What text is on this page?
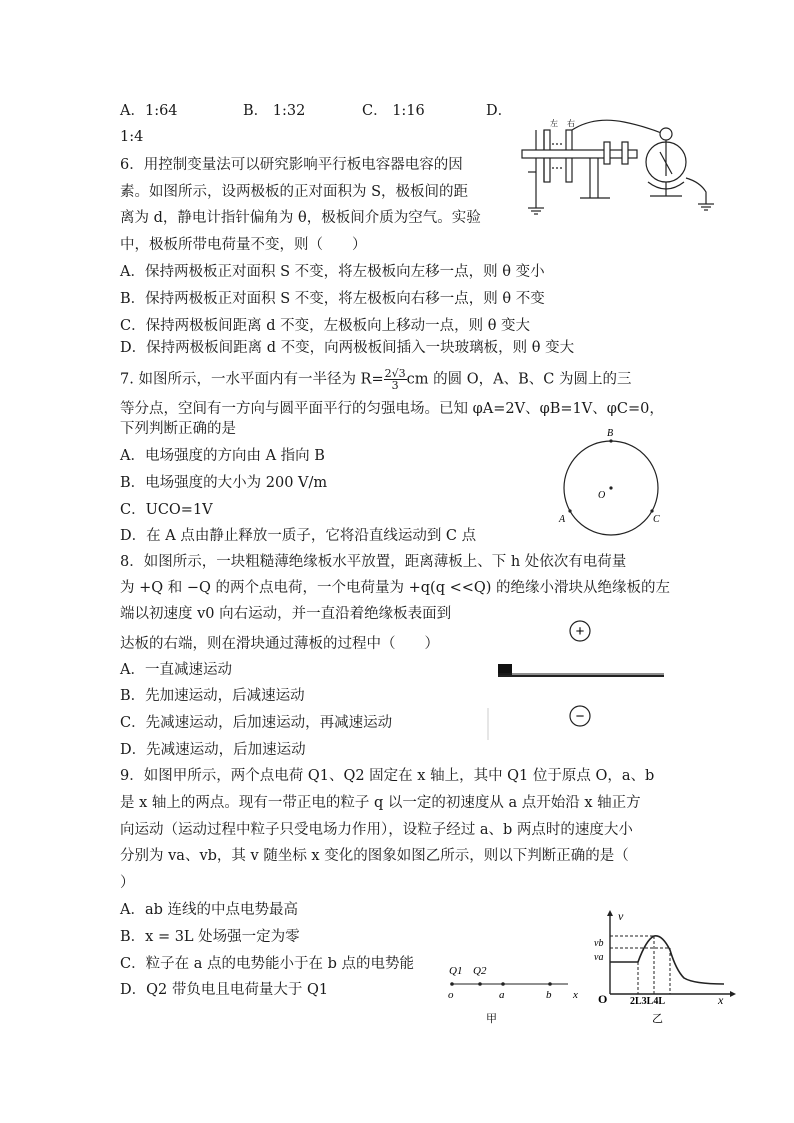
A．1:64	B． 1:32	C． 1:16	D．
1:4
6．用控制变量法可以研究影响平行板电容器电容的因
素。如图所示，设两极板的正对面积为 S，极板间的距
离为 d，静电计指针偏角为 θ，极板间介质为空气。实验
中，极板所带电荷量不变，则（　　）
A．保持两极板正对面积 S 不变，将左极板向左移一点，则 θ 变小
B．保持两极板正对面积 S 不变，将左极板向右移一点，则 θ 不变
C．保持两极板间距离 d 不变，左极板向上移动一点，则 θ 变大
D．保持两极板间距离 d 不变，向两极板间插入一块玻璃板，则 θ 变大
左 右
7. 如图所示，一水平面内有一半径为 $R= \frac{2√3}{3}$ cm 的圆 O，A、B、C 为圆上的三
等分点，空间有一方向与圆平面平行的匀强电场。已知 φA=2V、φB=1V、φC=0，
下列判断正确的是
A．电场强度的方向由 A 指向 B
B．电场强度的大小为 200 V/m
C．UCO=1V
D．在 A 点由静止释放一质子，它将沿直线运动到 C 点
B
A	C
O
8．如图所示，一块粗糙薄绝缘板水平放置，距离薄板上、下 h 处依次有电荷量
为 +Q 和 −Q 的两个点电荷，一个电荷量为 +q(q <<Q) 的绝缘小滑块从绝缘板的左
端以初速度 v0 向右运动，并一直沿着绝缘板表面到
达板的右端，则在滑块通过薄板的过程中（　　）
A．一直减速运动
B．先加速运动，后减速运动
C．先减速运动，后加速运动，再减速运动
D．先减速运动，后加速运动
+
−
9．如图甲所示，两个点电荷 Q1、Q2 固定在 x 轴上，其中 Q1 位于原点 O，a、b
是 x 轴上的两点。现有一带正电的粒子 q 以一定的初速度从 a 点开始沿 x 轴正方
向运动（运动过程中粒子只受电场力作用），设粒子经过 a、b 两点时的速度大小
分别为 va、vb，其 v 随坐标 x 变化的图象如图乙所示，则以下判断正确的是（
）
A．ab 连线的中点电势最高
B．x = 3L 处场强一定为零
C．粒子在 a 点的电势能小于在 b 点的电势能
D．Q2 带负电且电荷量大于 Q1
Q1 Q2
o	a	b x
甲
v
vb
va
O 2L3L4L	x
乙
